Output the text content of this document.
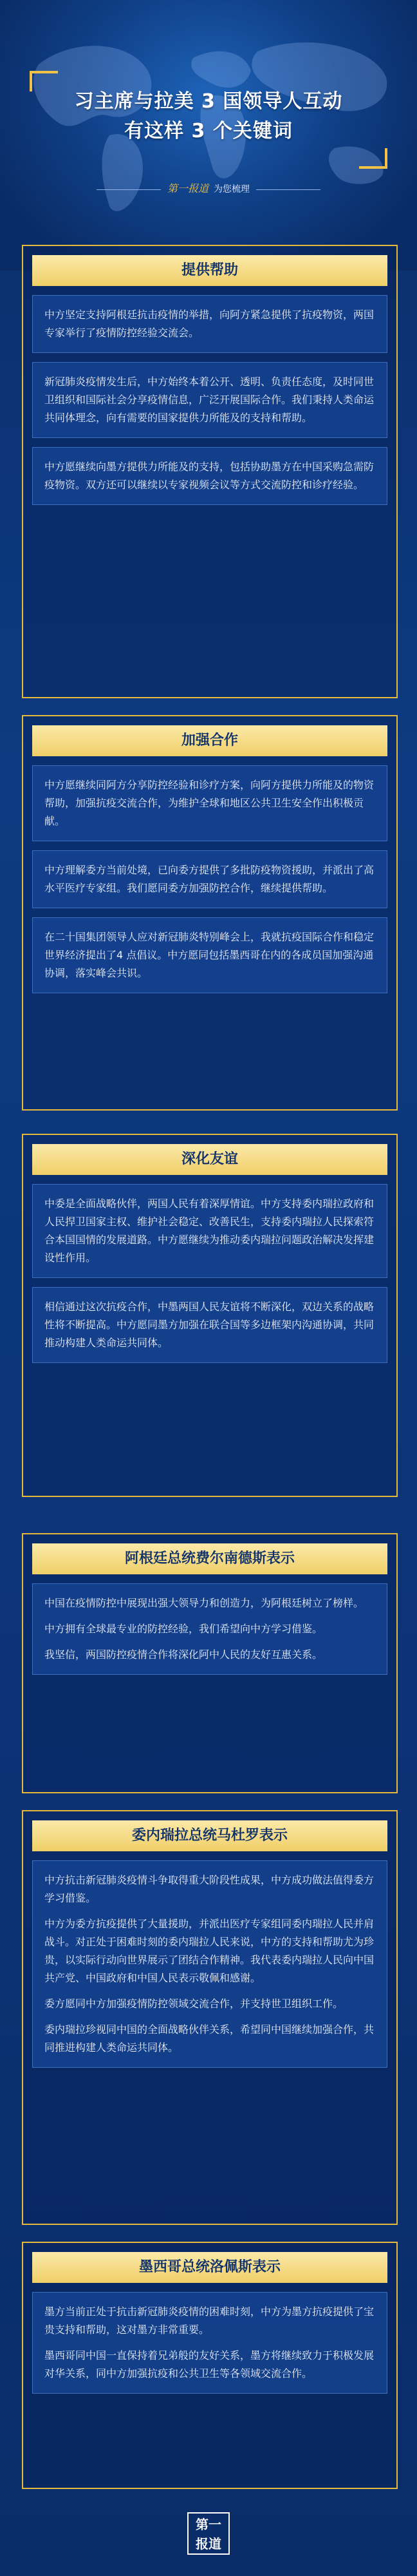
习主席与拉美 3 国领导人互动
有这样 3 个关键词
第一报道 为您梳理
提供帮助

中方坚定支持阿根廷抗击疫情的举措，向阿方紧急提供了抗疫物资，两国专家举行了疫情防控经验交流会。

新冠肺炎疫情发生后，中方始终本着公开、透明、负责任态度，及时同世卫组织和国际社会分享疫情信息，广泛开展国际合作。我们秉持人类命运共同体理念，向有需要的国家提供力所能及的支持和帮助。

中方愿继续向墨方提供力所能及的支持，包括协助墨方在中国采购急需防疫物资。双方还可以继续以专家视频会议等方式交流防控和诊疗经验。

加强合作

中方愿继续同阿方分享防控经验和诊疗方案，向阿方提供力所能及的物资帮助，加强抗疫交流合作，为维护全球和地区公共卫生安全作出积极贡献。

中方理解委方当前处境，已向委方提供了多批防疫物资援助，并派出了高水平医疗专家组。我们愿同委方加强防控合作，继续提供帮助。

在二十国集团领导人应对新冠肺炎特别峰会上，我就抗疫国际合作和稳定世界经济提出了4 点倡议。中方愿同包括墨西哥在内的各成员国加强沟通协调，落实峰会共识。

深化友谊

中委是全面战略伙伴，两国人民有着深厚情谊。中方支持委内瑞拉政府和人民捍卫国家主权、维护社会稳定、改善民生，支持委内瑞拉人民探索符合本国国情的发展道路。中方愿继续为推动委内瑞拉问题政治解决发挥建设性作用。

相信通过这次抗疫合作，中墨两国人民友谊将不断深化，双边关系的战略性将不断提高。中方愿同墨方加强在联合国等多边框架内沟通协调，共同推动构建人类命运共同体。

阿根廷总统费尔南德斯表示

中国在疫情防控中展现出强大领导力和创造力，为阿根廷树立了榜样。

中方拥有全球最专业的防控经验，我们希望向中方学习借鉴。

我坚信，两国防控疫情合作将深化阿中人民的友好互惠关系。

委内瑞拉总统马杜罗表示

中方抗击新冠肺炎疫情斗争取得重大阶段性成果，中方成功做法值得委方学习借鉴。

中方为委方抗疫提供了大量援助，并派出医疗专家组同委内瑞拉人民并肩战斗。对正处于困难时刻的委内瑞拉人民来说，中方的支持和帮助尤为珍贵，以实际行动向世界展示了团结合作精神。我代表委内瑞拉人民向中国共产党、中国政府和中国人民表示敬佩和感谢。

委方愿同中方加强疫情防控领域交流合作，并支持世卫组织工作。

委内瑞拉珍视同中国的全面战略伙伴关系，希望同中国继续加强合作，共同推进构建人类命运共同体。

墨西哥总统洛佩斯表示

墨方当前正处于抗击新冠肺炎疫情的困难时刻，中方为墨方抗疫提供了宝贵支持和帮助，这对墨方非常重要。

墨西哥同中国一直保持着兄弟般的友好关系，墨方将继续致力于积极发展对华关系，同中方加强抗疫和公共卫生等各领域交流合作。

第一
报道
